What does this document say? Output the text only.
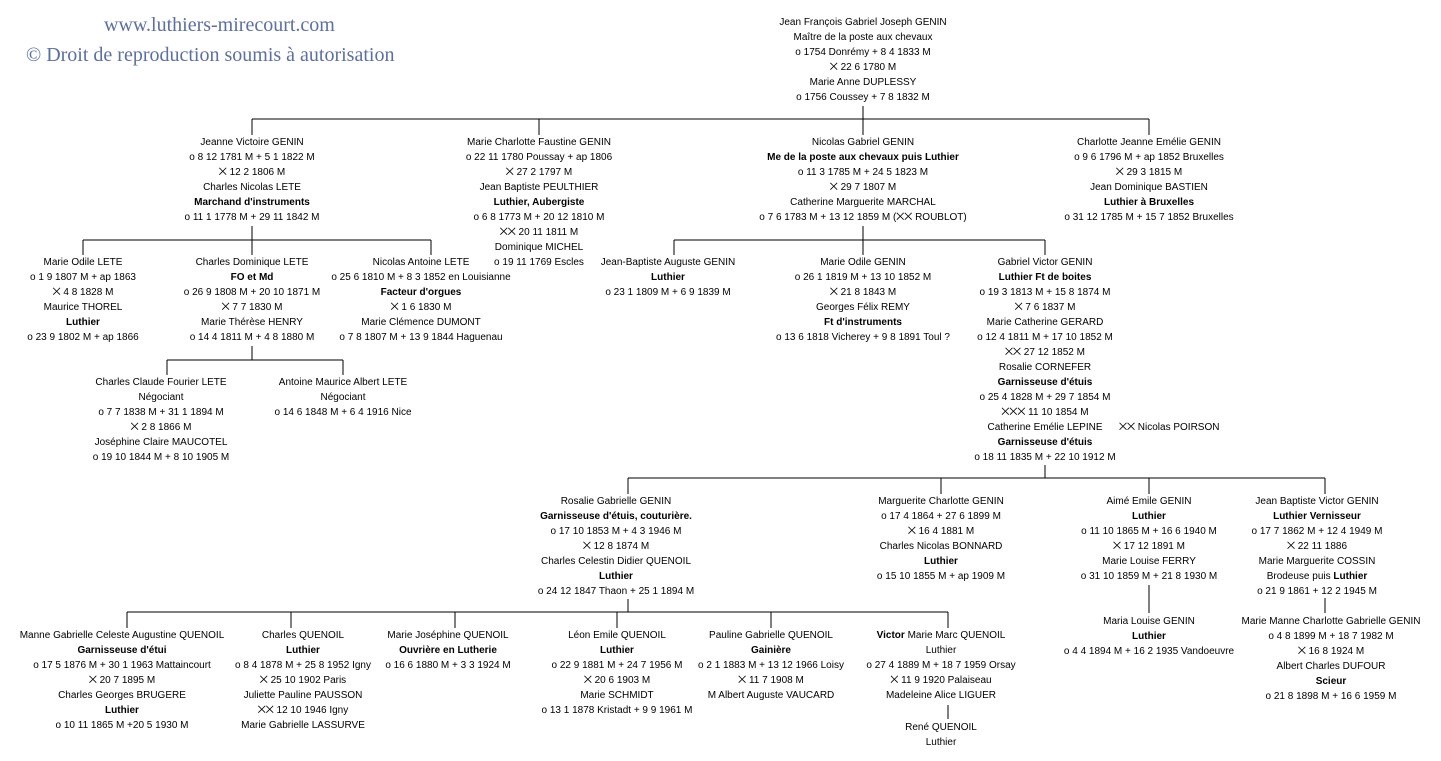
www.luthiers-mirecourt.com
© Droit de reproduction soumis à autorisation
Jean François Gabriel Joseph GENIN
Maître de la poste aux chevaux
o 1754 Donrémy + 8 4 1833 M
⨉ 22 6 1780 M
Marie Anne DUPLESSY
o 1756 Coussey + 7 8 1832 M
Jeanne Victoire GENIN
o 8 12 1781 M + 5 1 1822 M
⨉ 12 2 1806 M
Charles Nicolas LETE
Marchand d'instruments
o 11 1 1778 M + 29 11 1842 M
Marie Charlotte Faustine GENIN
o 22 11 1780 Poussay + ap 1806
⨉ 27 2 1797 M
Jean Baptiste PEULTHIER
Luthier, Aubergiste
o 6 8 1773 M + 20 12 1810 M
⨉⨉ 20 11 1811 M
Dominique MICHEL
o 19 11 1769 Escles
Nicolas Gabriel GENIN
Me de la poste aux chevaux puis Luthier
o 11 3 1785 M + 24 5 1823 M
⨉ 29 7 1807 M
Catherine Marguerite MARCHAL
o 7 6 1783 M + 13 12 1859 M (⨉⨉ ROUBLOT)
Charlotte Jeanne Emélie GENIN
o 9 6 1796 M + ap 1852 Bruxelles
⨉ 29 3 1815 M
Jean Dominique BASTIEN
Luthier à Bruxelles
o 31 12 1785 M + 15 7 1852 Bruxelles
Marie Odile LETE
o 1 9 1807 M + ap 1863
⨉ 4 8 1828 M
Maurice THOREL
Luthier
o 23 9 1802 M + ap 1866
Charles Dominique LETE
FO et Md
o 26 9 1808 M + 20 10 1871 M
⨉ 7 7 1830 M
Marie Thérèse HENRY
o 14 4 1811 M + 4 8 1880 M
Nicolas Antoine LETE
o 25 6 1810 M + 8 3 1852 en Louisianne
Facteur d'orgues
⨉ 1 6 1830 M
Marie Clémence DUMONT
o 7 8 1807 M + 13 9 1844 Haguenau
Jean-Baptiste Auguste GENIN
Luthier
o 23 1 1809 M + 6 9 1839 M
Marie Odile GENIN
o 26 1 1819 M + 13 10 1852 M
⨉ 21 8 1843 M
Georges Félix REMY
Ft d'instruments
o 13 6 1818 Vicherey + 9 8 1891 Toul ?
Gabriel Victor GENIN
Luthier Ft de boites
o 19 3 1813 M + 15 8 1874 M
⨉ 7 6 1837 M
Marie Catherine GERARD
o 12 4 1811 M + 17 10 1852 M
⨉⨉ 27 12 1852 M
Rosalie CORNEFER
Garnisseuse d'étuis
o 25 4 1828 M + 29 7 1854 M
⨉⨉⨉ 11 10 1854 M
Catherine Emélie LEPINE
Garnisseuse d'étuis
o 18 11 1835 M + 22 10 1912 M
⨉⨉ Nicolas POIRSON
Charles Claude Fourier LETE
Négociant
o 7 7 1838 M + 31 1 1894 M
⨉ 2 8 1866 M
Joséphine Claire MAUCOTEL
o 19 10 1844 M + 8 10 1905 M
Antoine Maurice Albert LETE
Négociant
o 14 6 1848 M + 6 4 1916 Nice
Rosalie Gabrielle GENIN
Garnisseuse d'étuis, couturière.
o 17 10 1853 M + 4 3 1946 M
⨉ 12 8 1874 M
Charles Celestin Didier QUENOIL
Luthier
o 24 12 1847 Thaon + 25 1 1894 M
Marguerite Charlotte GENIN
o 17 4 1864 + 27 6 1899 M
⨉ 16 4 1881 M
Charles Nicolas BONNARD
Luthier
o 15 10 1855 M + ap 1909 M
Aimé Emile GENIN
Luthier
o 11 10 1865 M + 16 6 1940 M
⨉ 17 12 1891 M
Marie Louise FERRY
o 31 10 1859 M + 21 8 1930 M
Jean Baptiste Victor GENIN
Luthier Vernisseur
o 17 7 1862 M + 12 4 1949 M
⨉ 22 11 1886
Marie Marguerite COSSIN
Brodeuse puis Luthier
o 21 9 1861 + 12 2 1945 M
Maria Louise GENIN
Luthier
o 4 4 1894 M + 16 2 1935 Vandoeuvre
Marie Manne Charlotte Gabrielle GENIN
o 4 8 1899 M + 18 7 1982 M
⨉ 16 8 1924 M
Albert Charles DUFOUR
Scieur
o 21 8 1898 M + 16 6 1959 M
Manne Gabrielle Celeste Augustine QUENOIL
Garnisseuse d'étui
o 17 5 1876 M + 30 1 1963 Mattaincourt
⨉ 20 7 1895 M
Charles Georges BRUGERE
Luthier
o 10 11 1865 M +20 5 1930 M
Charles QUENOIL
Luthier
o 8 4 1878 M + 25 8 1952 Igny
⨉ 25 10 1902 Paris
Juliette Pauline PAUSSON
⨉⨉ 12 10 1946 Igny
Marie Gabrielle LASSURVE
Marie Joséphine QUENOIL
Ouvrière en Lutherie
o 16 6 1880 M + 3 3 1924 M
Léon Emile QUENOIL
Luthier
o 22 9 1881 M + 24 7 1956 M
⨉ 20 6 1903 M
Marie SCHMIDT
o 13 1 1878 Kristadt + 9 9 1961 M
Pauline Gabrielle QUENOIL
Gainière
o 2 1 1883 M + 13 12 1966 Loisy
⨉ 11 7 1908 M
M Albert Auguste VAUCARD
Victor Marie Marc QUENOIL
Luthier
o 27 4 1889 M + 18 7 1959 Orsay
⨉ 11 9 1920 Palaiseau
Madeleine Alice LIGUER
René QUENOIL
Luthier
